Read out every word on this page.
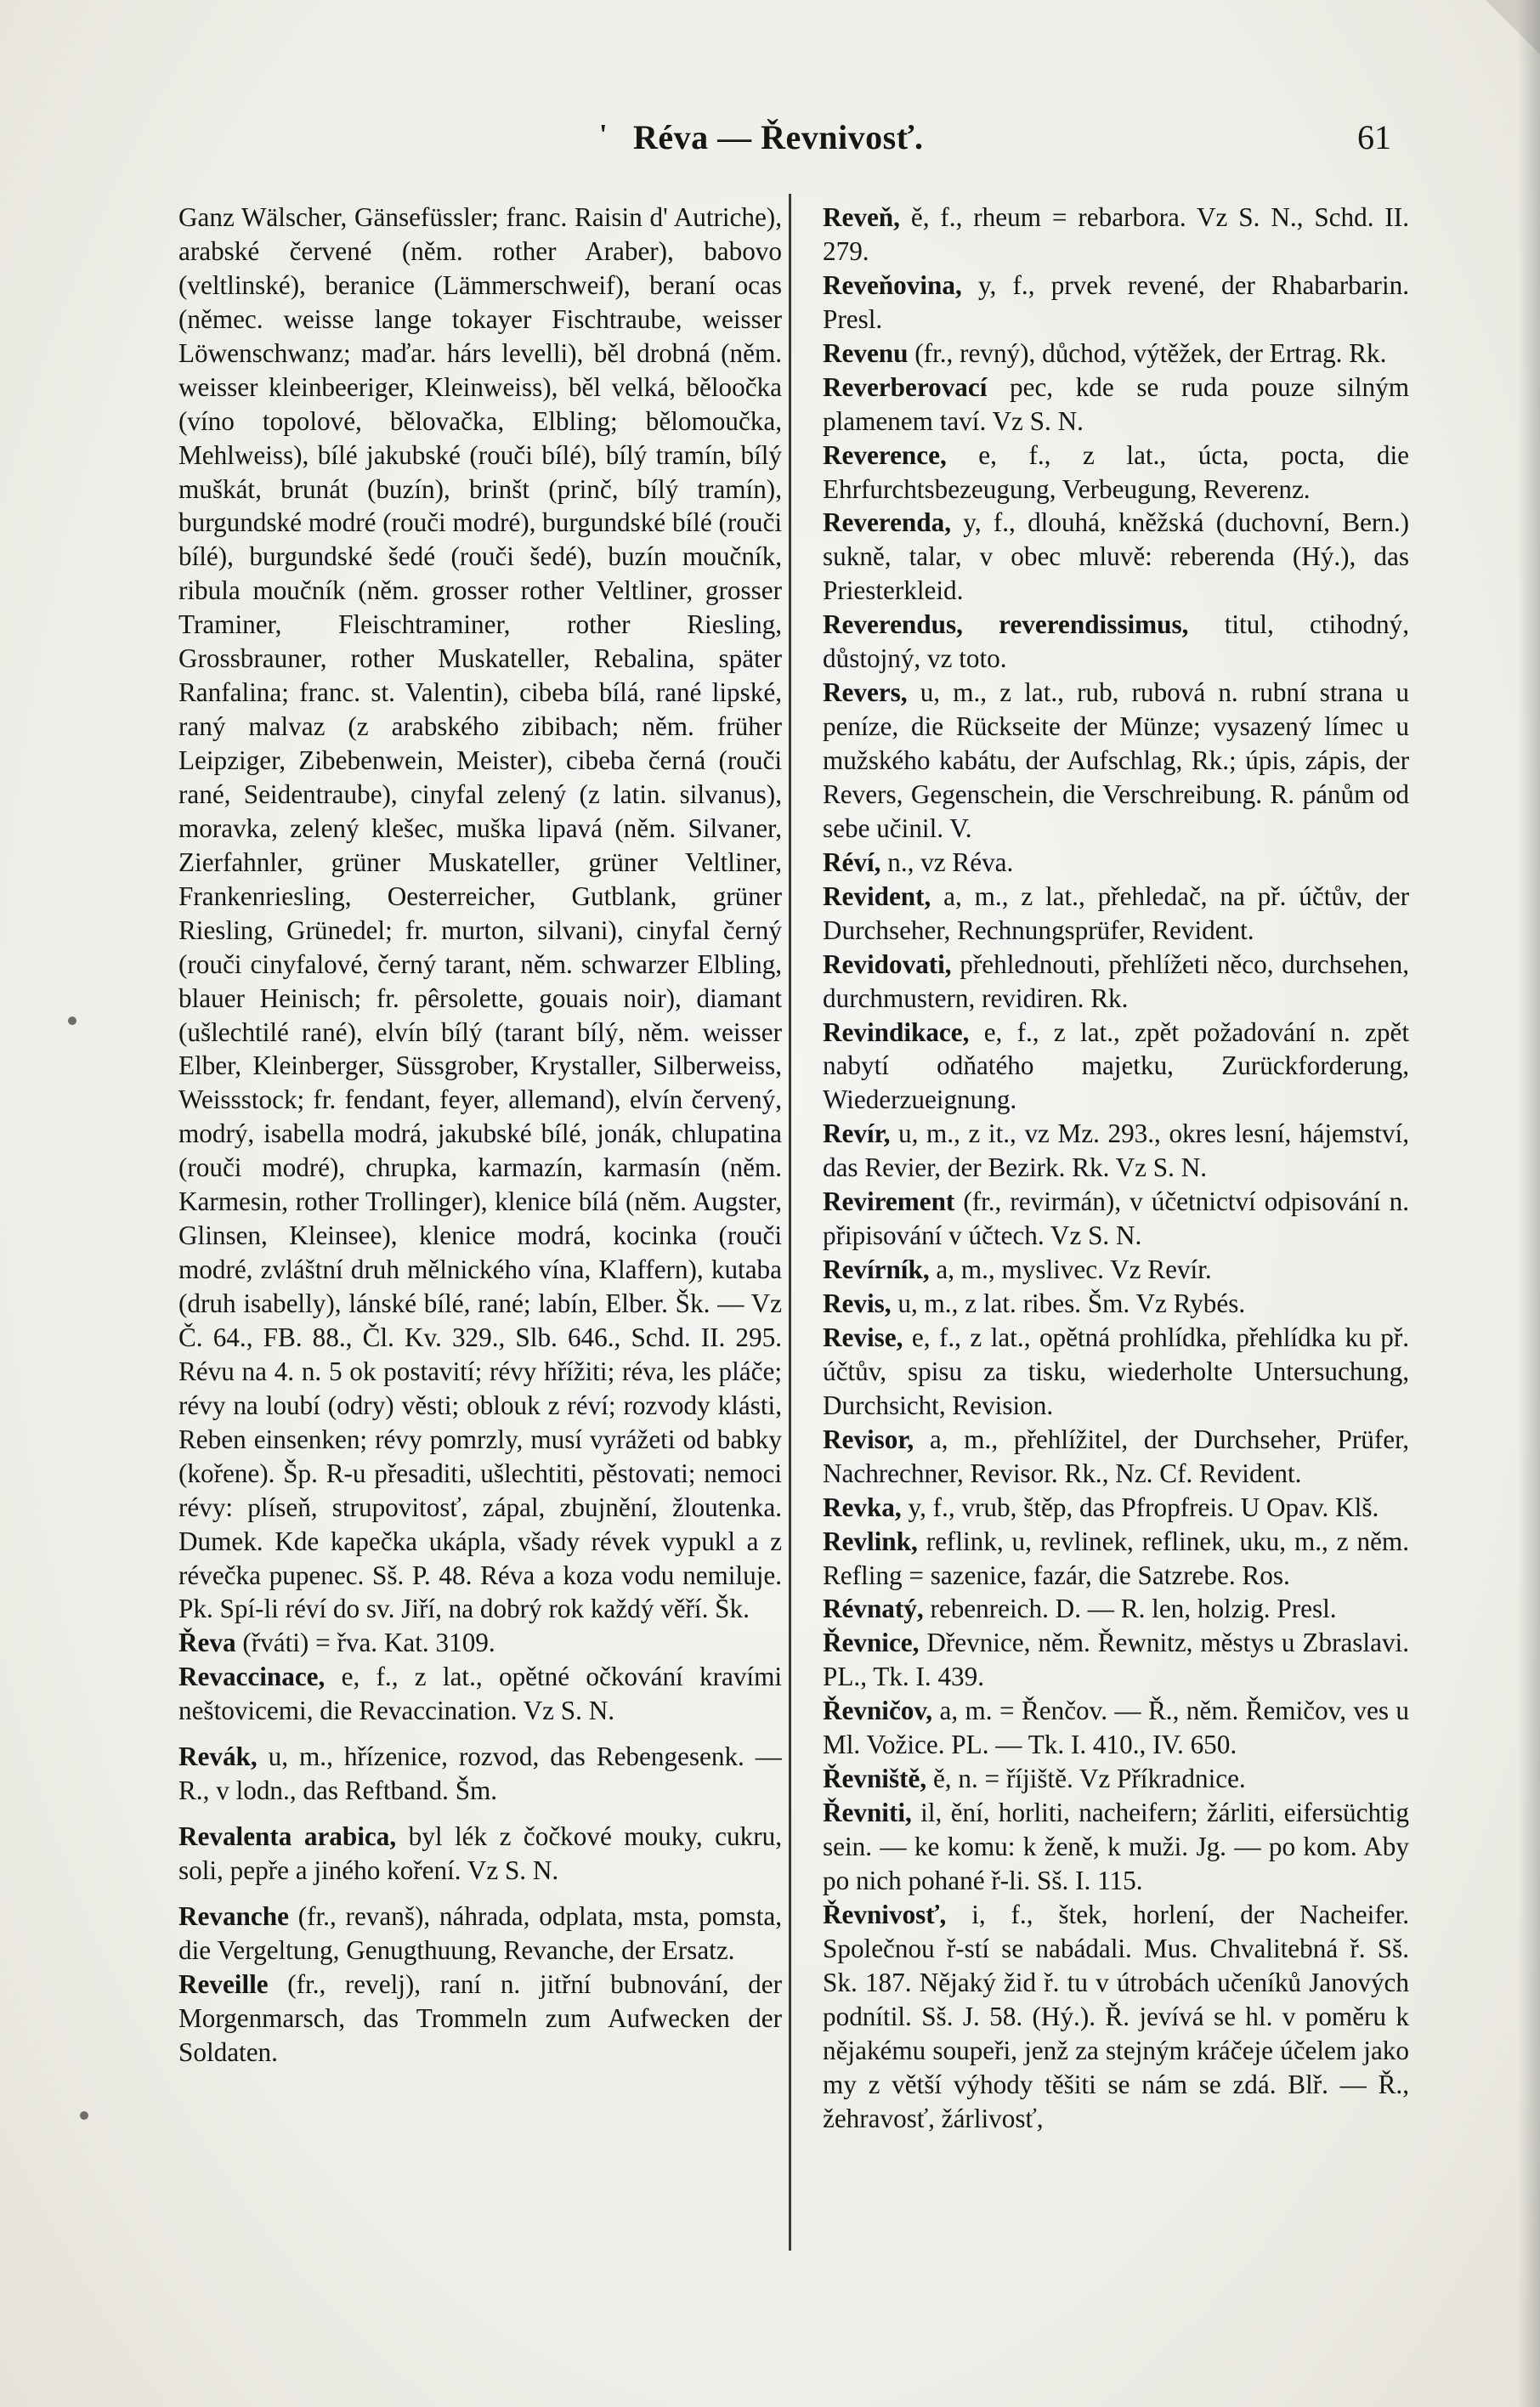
' Réva — Řevnivosť.	61

Ganz Wälscher, Gänsefüssler; franc. Raisin d' Autriche), arabské červené (něm. rother Araber), babovo (veltlinské), beranice (Lämmerschweif), beraní ocas (němec. weisse lange tokayer Fischtraube, weisser Löwenschwanz; maďar. hárs levelli), běl drobná (něm. weisser kleinbeeriger, Kleinweiss), běl velká, běloočka (víno topolové, bělovačka, Elbling; bělomoučka, Mehlweiss), bílé jakubské (rouči bílé), bílý tramín, bílý muškát, brunát (buzín), brinšt (prinč, bílý tramín), burgundské modré (rouči modré), burgundské bílé (rouči bílé), burgundské šedé (rouči šedé), buzín moučník, ribula moučník (něm. grosser rother Veltliner, grosser Traminer, Fleischtraminer, rother Riesling, Grossbrauner, rother Muskateller, Rebalina, später Ranfalina; franc. st. Valentin), cibeba bílá, rané lipské, raný malvaz (z arabského zibibach; něm. früher Leipziger, Zibebenwein, Meister), cibeba černá (rouči rané, Seidentraube), cinyfal zelený (z latin. silvanus), moravka, zelený klešec, muška lipavá (něm. Silvaner, Zierfahnler, grüner Muskateller, grüner Veltliner, Frankenriesling, Oesterreicher, Gutblank, grüner Riesling, Grünedel; fr. murton, silvani), cinyfal černý (rouči cinyfalové, černý tarant, něm. schwarzer Elbling, blauer Heinisch; fr. pêrsolette, gouais noir), diamant (ušlechtilé rané), elvín bílý (tarant bílý, něm. weisser Elber, Kleinberger, Süssgrober, Krystaller, Silberweiss, Weissstock; fr. fendant, feyer, allemand), elvín červený, modrý, isabella modrá, jakubské bílé, jonák, chlupatina (rouči modré), chrupka, karmazín, karmasín (něm. Karmesin, rother Trollinger), klenice bílá (něm. Augster, Glinsen, Kleinsee), klenice modrá, kocinka (rouči modré, zvláštní druh mělnického vína, Klaffern), kutaba (druh isabelly), lánské bílé, rané; labín, Elber. Šk. — Vz Č. 64., FB. 88., Čl. Kv. 329., Slb. 646., Schd. II. 295. Révu na 4. n. 5 ok postavití; révy hřížiti; réva, les pláče; révy na loubí (odry) věsti; oblouk z réví; rozvody klásti, Reben einsenken; révy pomrzly, musí vyrážeti od babky (kořene). Šp. R-u přesaditi, ušlechtiti, pěstovati; nemoci révy: plíseň, strupovitosť, zápal, zbujnění, žloutenka. Dumek. Kde kapečka ukápla, všady révek vypukl a z révečka pupenec. Sš. P. 48. Réva a koza vodu nemiluje. Pk. Spí-li réví do sv. Jiří, na dobrý rok každý věří. Šk.

Řeva (řváti) = řva. Kat. 3109.

Revaccinace, e, f., z lat., opětné očkování kravími neštovicemi, die Revaccination. Vz S. N.

Revák, u, m., hřízenice, rozvod, das Rebengesenk. — R., v lodn., das Reftband. Šm.

Revalenta arabica, byl lék z čočkové mouky, cukru, soli, pepře a jiného koření. Vz S. N.

Revanche (fr., revanš), náhrada, odplata, msta, pomsta, die Vergeltung, Genugthuung, Revanche, der Ersatz.

Reveille (fr., revelj), raní n. jitřní bubnování, der Morgenmarsch, das Trommeln zum Aufwecken der Soldaten.

Reveň, ě, f., rheum = rebarbora. Vz S. N., Schd. II. 279.

Reveňovina, y, f., prvek revené, der Rhabarbarin. Presl.

Revenu (fr., revný), důchod, výtěžek, der Ertrag. Rk.

Reverberovací pec, kde se ruda pouze silným plamenem taví. Vz S. N.

Reverence, e, f., z lat., úcta, pocta, die Ehrfurchtsbezeugung, Verbeugung, Reverenz.

Reverenda, y, f., dlouhá, kněžská (duchovní, Bern.) sukně, talar, v obec mluvě: reberenda (Hý.), das Priesterkleid.

Reverendus, reverendissimus, titul, ctihodný, důstojný, vz toto.

Revers, u, m., z lat., rub, rubová n. rubní strana u peníze, die Rückseite der Münze; vysazený límec u mužského kabátu, der Aufschlag, Rk.; úpis, zápis, der Revers, Gegenschein, die Verschreibung. R. pánům od sebe učinil. V.

Réví, n., vz Réva.

Revident, a, m., z lat., přehledač, na př. účtův, der Durchseher, Rechnungsprüfer, Revident.

Revidovati, přehlednouti, přehlížeti něco, durchsehen, durchmustern, revidiren. Rk.

Revindikace, e, f., z lat., zpět požadování n. zpět nabytí odňatého majetku, Zurückforderung, Wiederzueignung.

Revír, u, m., z it., vz Mz. 293., okres lesní, hájemství, das Revier, der Bezirk. Rk. Vz S. N.

Revirement (fr., revirmán), v účetnictví odpisování n. připisování v účtech. Vz S. N.

Revírník, a, m., myslivec. Vz Revír.

Revis, u, m., z lat. ribes. Šm. Vz Rybés.

Revise, e, f., z lat., opětná prohlídka, přehlídka ku př. účtův, spisu za tisku, wiederholte Untersuchung, Durchsicht, Revision.

Revisor, a, m., přehlížitel, der Durchseher, Prüfer, Nachrechner, Revisor. Rk., Nz. Cf. Revident.

Revka, y, f., vrub, štěp, das Pfropfreis. U Opav. Klš.

Revlink, reflink, u, revlinek, reflinek, uku, m., z něm. Refling = sazenice, fazár, die Satzrebe. Ros.

Révnatý, rebenreich. D. — R. len, holzig. Presl.

Řevnice, Dřevnice, něm. Řewnitz, městys u Zbraslavi. PL., Tk. I. 439.

Řevničov, a, m. = Řenčov. — Ř., něm. Řemičov, ves u Ml. Vožice. PL. — Tk. I. 410., IV. 650.

Řevniště, ě, n. = říjiště. Vz Příkradnice.

Řevniti, il, ění, horliti, nacheifern; žárliti, eifersüchtig sein. — ke komu: k ženě, k muži. Jg. — po kom. Aby po nich pohané ř-li. Sš. I. 115.

Řevnivosť, i, f., štek, horlení, der Nacheifer. Společnou ř-stí se nabádali. Mus. Chvalitebná ř. Sš. Sk. 187. Nějaký žid ř. tu v útrobách učeníků Janových podnítil. Sš. J. 58. (Hý.). Ř. jevívá se hl. v poměru k nějakému soupeři, jenž za stejným kráčeje účelem jako my z větší výhody těšiti se nám se zdá. Blř. — Ř., žehravosť, žárlivosť,
